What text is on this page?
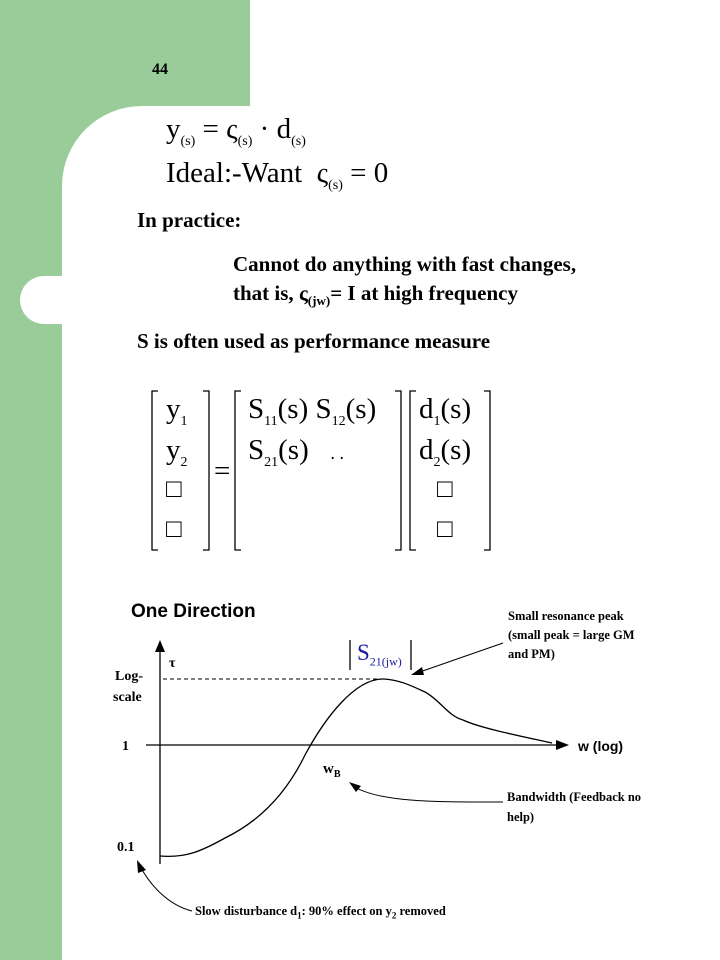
44
$y_{(s)} = \varsigma_{(s)} \cdot d_{(s)}$
Ideal:-Want  $\varsigma_{(s)} = 0$
In practice:
Cannot do anything with fast changes,
that is, $\varsigma_{(jw)}= I$ at high frequency
S is often used as performance measure
$y_1$
$y_2$
□
□
=
$S_{11}(s)$ $S_{12}(s)$
$S_{21}(s)$ . .
$d_1(s)$
$d_2(s)$
□
□
One Direction
τ
Log-
scale
1
0.1
w (log)
$w_B$
$S_{21(jw)}$
Small resonance peak
(small peak = large GM
and PM)
Bandwidth (Feedback no
help)
Slow disturbance $d_1$: 90% effect on $y_2$ removed
